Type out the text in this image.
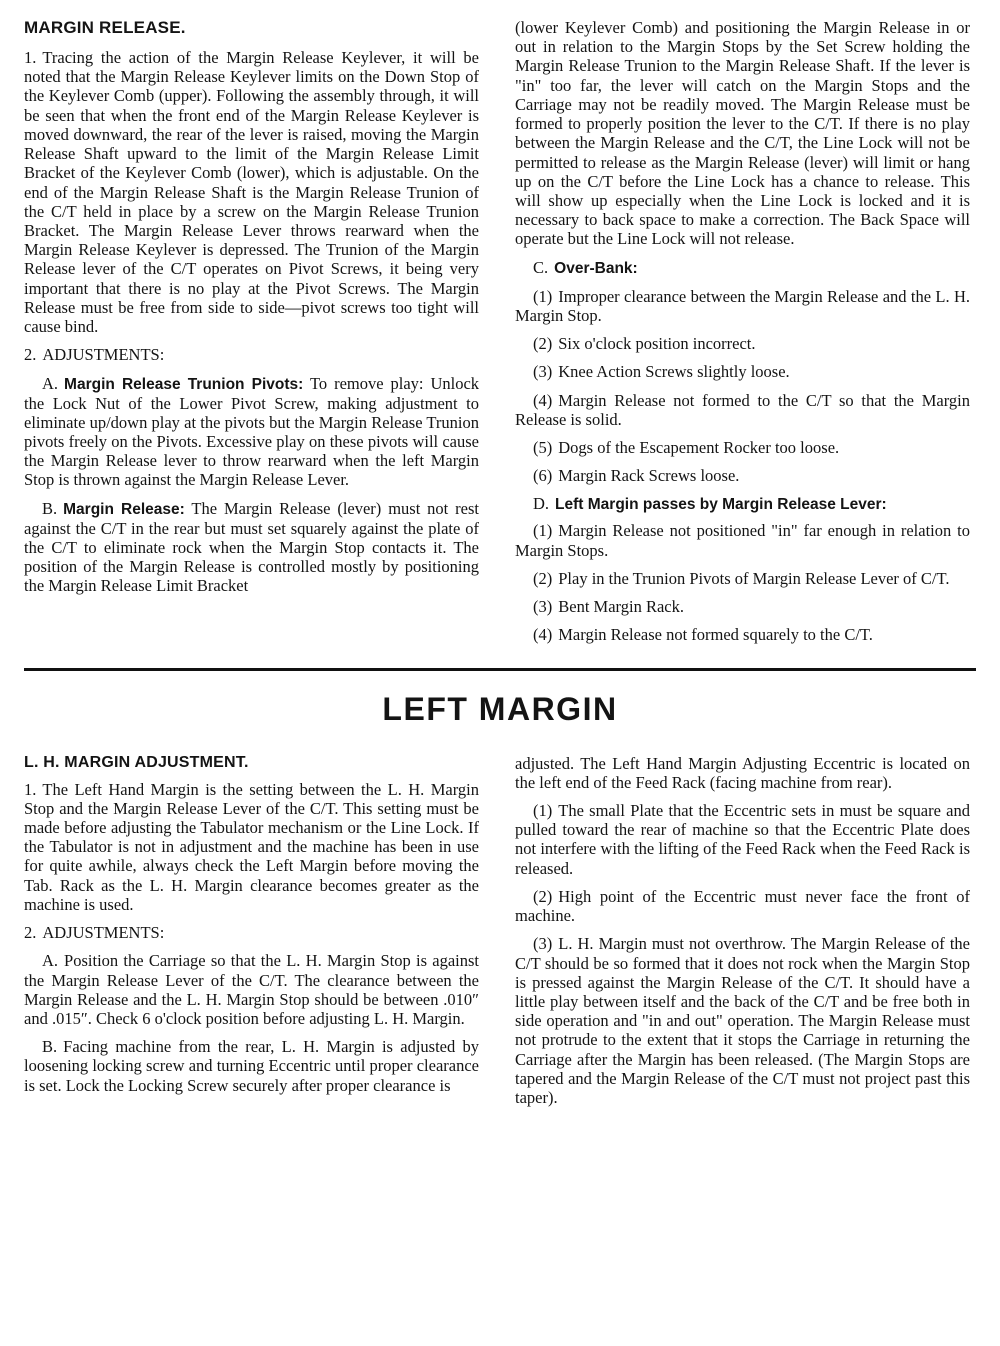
MARGIN RELEASE.

1. Tracing the action of the Margin Release Keylever, it will be noted that the Margin Release Keylever limits on the Down Stop of the Keylever Comb (upper). Following the assembly through, it will be seen that when the front end of the Margin Release Keylever is moved downward, the rear of the lever is raised, moving the Margin Release Shaft upward to the limit of the Margin Release Limit Bracket of the Keylever Comb (lower), which is adjustable. On the end of the Margin Release Shaft is the Margin Release Trunion of the C/T held in place by a screw on the Margin Release Trunion Bracket. The Margin Release Lever throws rearward when the Margin Release Keylever is depressed. The Trunion of the Margin Release lever of the C/T operates on Pivot Screws, it being very important that there is no play at the Pivot Screws. The Margin Release must be free from side to side—pivot screws too tight will cause bind.

2. ADJUSTMENTS:

A. Margin Release Trunion Pivots: To remove play: Unlock the Lock Nut of the Lower Pivot Screw, making adjustment to eliminate up/down play at the pivots but the Margin Release Trunion pivots freely on the Pivots. Excessive play on these pivots will cause the Margin Release lever to throw rearward when the left Margin Stop is thrown against the Margin Release Lever.

B. Margin Release: The Margin Release (lever) must not rest against the C/T in the rear but must set squarely against the plate of the C/T to eliminate rock when the Margin Stop contacts it. The position of the Margin Release is controlled mostly by positioning the Margin Release Limit Bracket

(lower Keylever Comb) and positioning the Margin Release in or out in relation to the Margin Stops by the Set Screw holding the Margin Release Trunion to the Margin Release Shaft. If the lever is "in" too far, the lever will catch on the Margin Stops and the Carriage may not be readily moved. The Margin Release must be formed to properly position the lever to the C/T. If there is no play between the Margin Release and the C/T, the Line Lock will not be permitted to release as the Margin Release (lever) will limit or hang up on the C/T before the Line Lock has a chance to release. This will show up especially when the Line Lock is locked and it is necessary to back space to make a correction. The Back Space will operate but the Line Lock will not release.

C. Over-Bank:

(1) Improper clearance between the Margin Release and the L. H. Margin Stop.

(2) Six o'clock position incorrect.

(3) Knee Action Screws slightly loose.

(4) Margin Release not formed to the C/T so that the Margin Release is solid.

(5) Dogs of the Escapement Rocker too loose.

(6) Margin Rack Screws loose.

D. Left Margin passes by Margin Release Lever:

(1) Margin Release not positioned "in" far enough in relation to Margin Stops.

(2) Play in the Trunion Pivots of Margin Release Lever of C/T.

(3) Bent Margin Rack.

(4) Margin Release not formed squarely to the C/T.

LEFT MARGIN
L. H. MARGIN ADJUSTMENT.

1. The Left Hand Margin is the setting between the L. H. Margin Stop and the Margin Release Lever of the C/T. This setting must be made before adjusting the Tabulator mechanism or the Line Lock. If the Tabulator is not in adjustment and the machine has been in use for quite awhile, always check the Left Margin before moving the Tab. Rack as the L. H. Margin clearance becomes greater as the machine is used.

2. ADJUSTMENTS:

A. Position the Carriage so that the L. H. Margin Stop is against the Margin Release Lever of the C/T. The clearance between the Margin Release and the L. H. Margin Stop should be between .010″ and .015″. Check 6 o'clock position before adjusting L. H. Margin.

B. Facing machine from the rear, L. H. Margin is adjusted by loosening locking screw and turning Eccentric until proper clearance is set. Lock the Locking Screw securely after proper clearance is

adjusted. The Left Hand Margin Adjusting Eccentric is located on the left end of the Feed Rack (facing machine from rear).

(1) The small Plate that the Eccentric sets in must be square and pulled toward the rear of machine so that the Eccentric Plate does not interfere with the lifting of the Feed Rack when the Feed Rack is released.

(2) High point of the Eccentric must never face the front of machine.

(3) L. H. Margin must not overthrow. The Margin Release of the C/T should be so formed that it does not rock when the Margin Stop is pressed against the Margin Release of the C/T. It should have a little play between itself and the back of the C/T and be free both in side operation and "in and out" operation. The Margin Release must not protrude to the extent that it stops the Carriage in returning the Carriage after the Margin has been released. (The Margin Stops are tapered and the Margin Release of the C/T must not project past this taper).
